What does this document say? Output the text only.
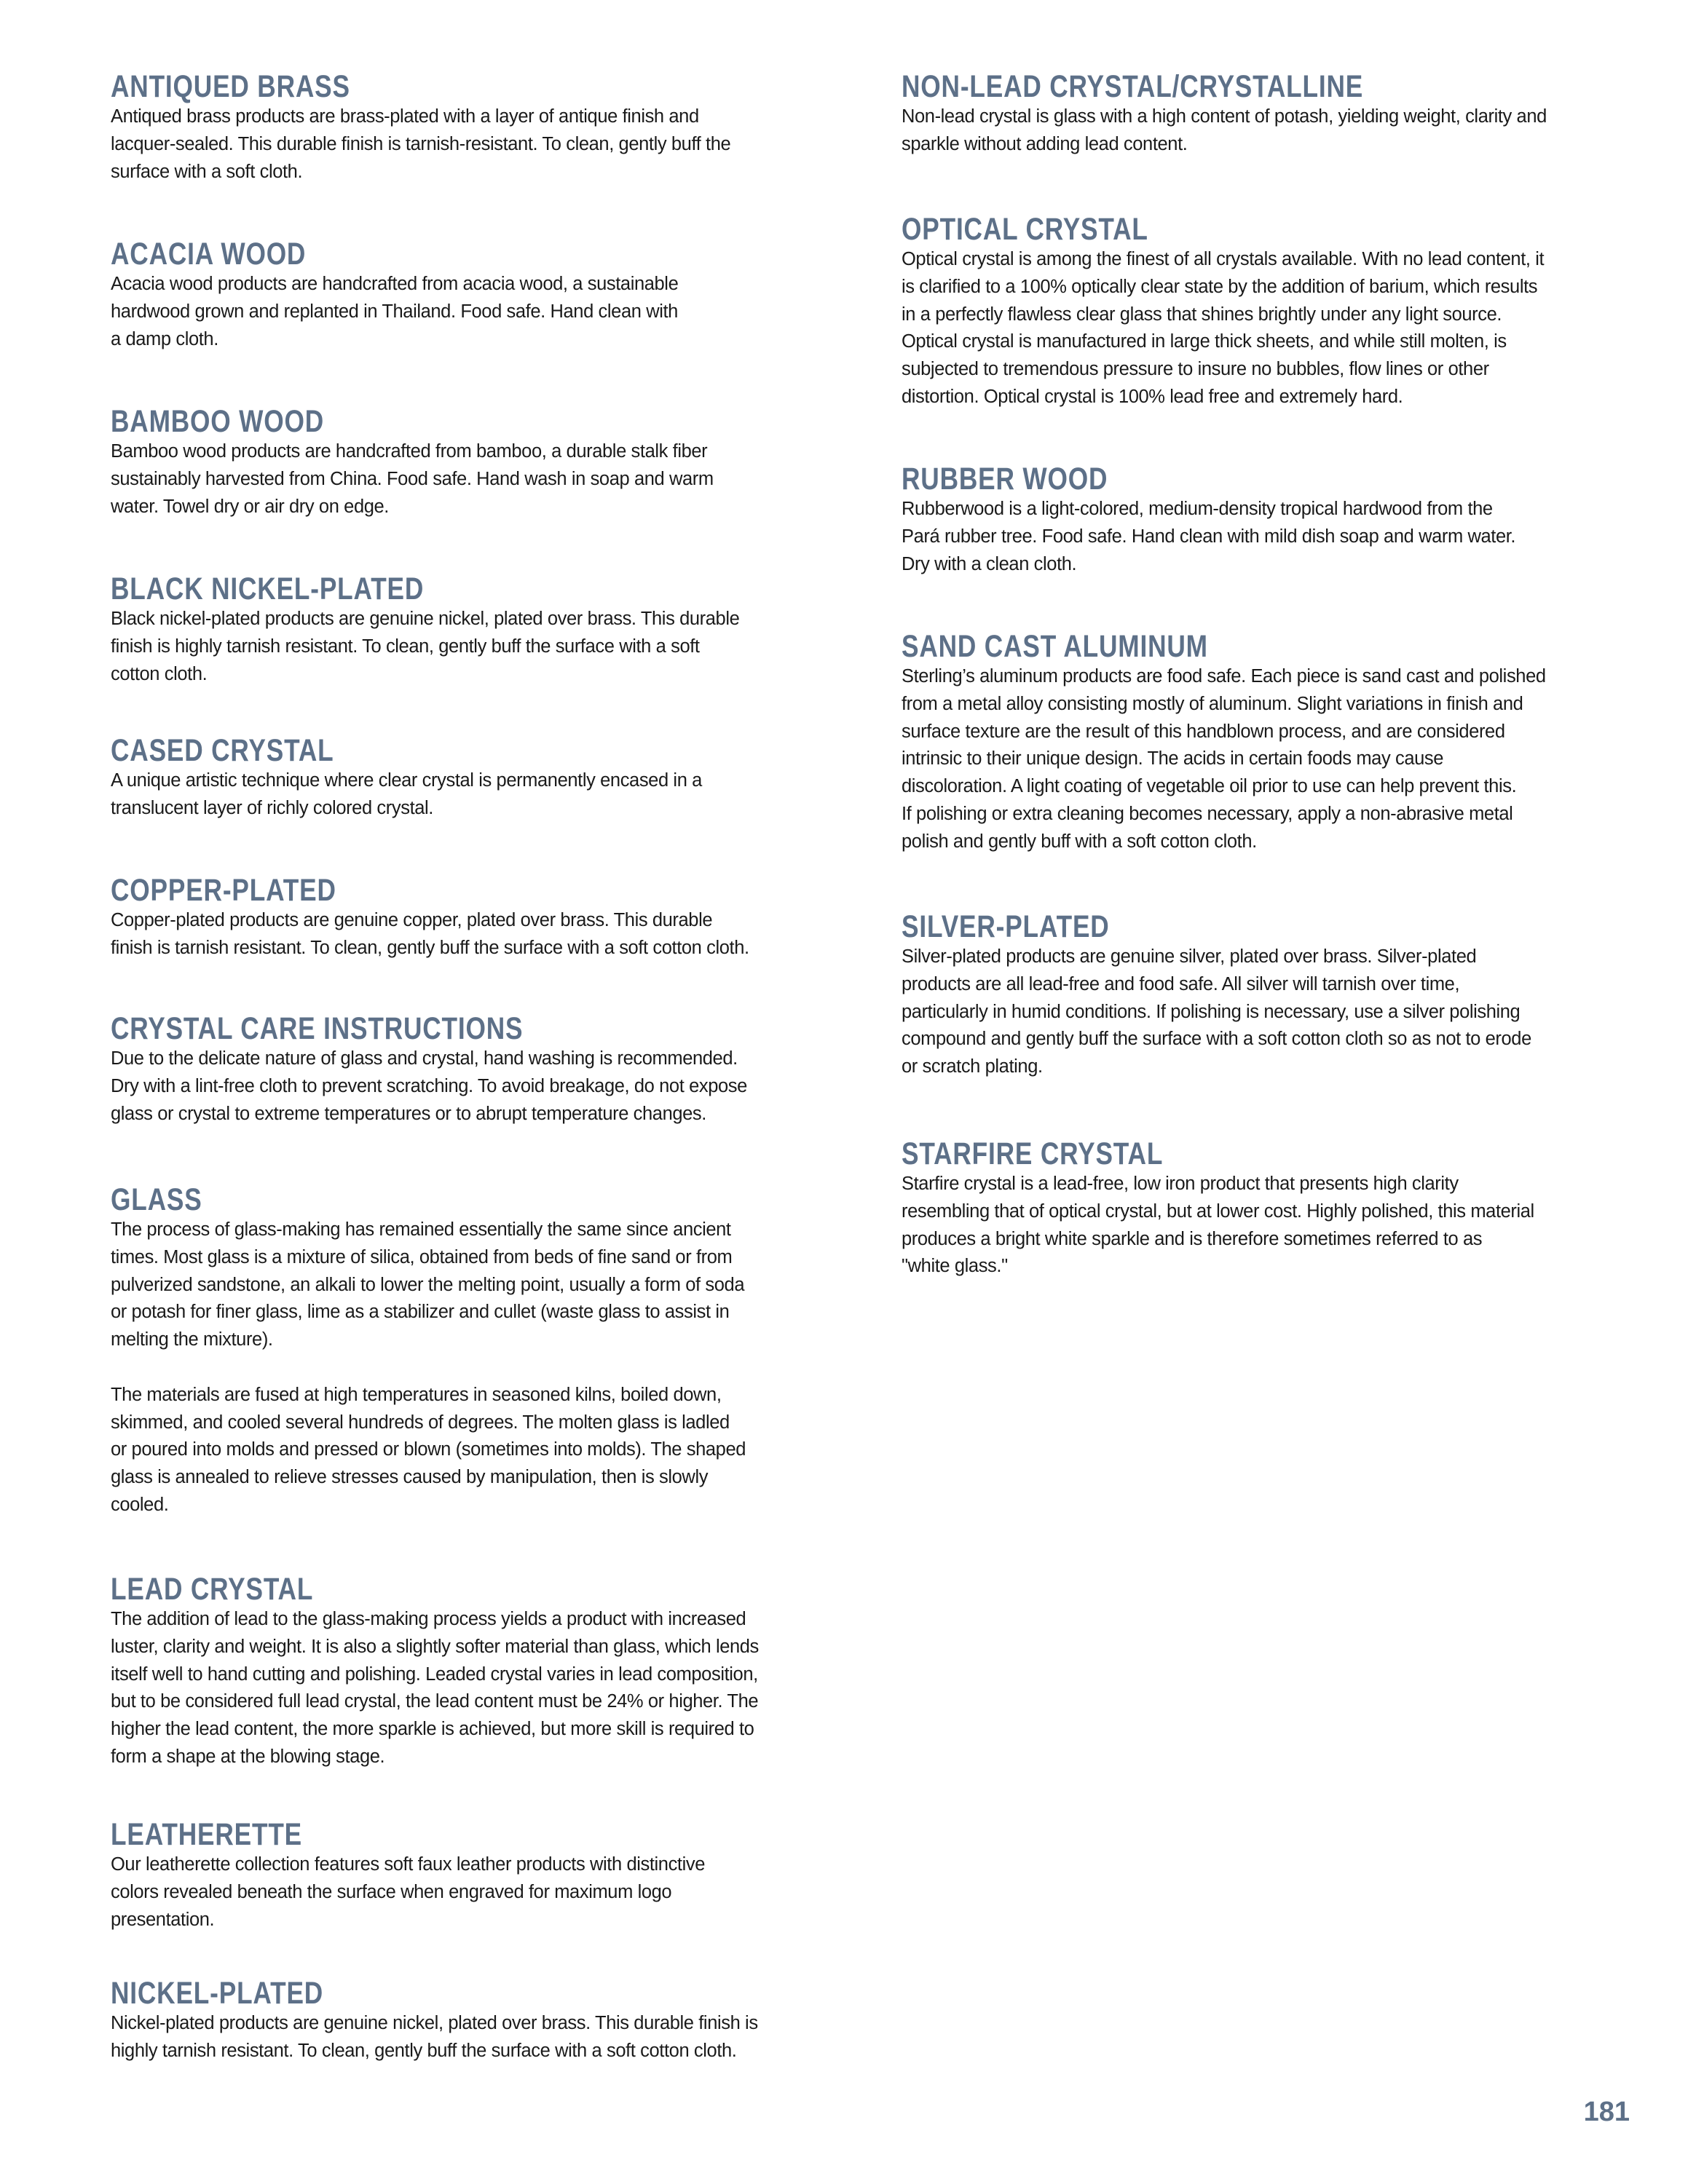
ANTIQUED BRASS
Antiqued brass products are brass-plated with a layer of antique finish and
lacquer-sealed. This durable finish is tarnish-resistant. To clean, gently buff the
surface with a soft cloth.
ACACIA WOOD
Acacia wood products are handcrafted from acacia wood, a sustainable
hardwood grown and replanted in Thailand. Food safe. Hand clean with
a damp cloth.
BAMBOO WOOD
Bamboo wood products are handcrafted from bamboo, a durable stalk fiber
sustainably harvested from China. Food safe. Hand wash in soap and warm
water. Towel dry or air dry on edge.
BLACK NICKEL-PLATED
Black nickel-plated products are genuine nickel, plated over brass. This durable
finish is highly tarnish resistant. To clean, gently buff the surface with a soft
cotton cloth.
CASED CRYSTAL
A unique artistic technique where clear crystal is permanently encased in a
translucent layer of richly colored crystal.
COPPER-PLATED
Copper-plated products are genuine copper, plated over brass. This durable
finish is tarnish resistant. To clean, gently buff the surface with a soft cotton cloth.
CRYSTAL CARE INSTRUCTIONS
Due to the delicate nature of glass and crystal, hand washing is recommended.
Dry with a lint-free cloth to prevent scratching. To avoid breakage, do not expose
glass or crystal to extreme temperatures or to abrupt temperature changes.
GLASS
The process of glass-making has remained essentially the same since ancient
times. Most glass is a mixture of silica, obtained from beds of fine sand or from
pulverized sandstone, an alkali to lower the melting point, usually a form of soda
or potash for finer glass, lime as a stabilizer and cullet (waste glass to assist in
melting the mixture).
The materials are fused at high temperatures in seasoned kilns, boiled down,
skimmed, and cooled several hundreds of degrees. The molten glass is ladled
or poured into molds and pressed or blown (sometimes into molds). The shaped
glass is annealed to relieve stresses caused by manipulation, then is slowly
cooled.
LEAD CRYSTAL
The addition of lead to the glass-making process yields a product with increased
luster, clarity and weight. It is also a slightly softer material than glass, which lends
itself well to hand cutting and polishing. Leaded crystal varies in lead composition,
but to be considered full lead crystal, the lead content must be 24% or higher. The
higher the lead content, the more sparkle is achieved, but more skill is required to
form a shape at the blowing stage.
LEATHERETTE
Our leatherette collection features soft faux leather products with distinctive
colors revealed beneath the surface when engraved for maximum logo
presentation.
NICKEL-PLATED
Nickel-plated products are genuine nickel, plated over brass. This durable finish is
highly tarnish resistant. To clean, gently buff the surface with a soft cotton cloth.
NON-LEAD CRYSTAL/CRYSTALLINE
Non-lead crystal is glass with a high content of potash, yielding weight, clarity and
sparkle without adding lead content.
OPTICAL CRYSTAL
Optical crystal is among the finest of all crystals available. With no lead content, it
is clarified to a 100% optically clear state by the addition of barium, which results
in a perfectly flawless clear glass that shines brightly under any light source.
Optical crystal is manufactured in large thick sheets, and while still molten, is
subjected to tremendous pressure to insure no bubbles, flow lines or other
distortion. Optical crystal is 100% lead free and extremely hard.
RUBBER WOOD
Rubberwood is a light-colored, medium-density tropical hardwood from the
Pará rubber tree. Food safe. Hand clean with mild dish soap and warm water.
Dry with a clean cloth.
SAND CAST ALUMINUM
Sterling’s aluminum products are food safe. Each piece is sand cast and polished
from a metal alloy consisting mostly of aluminum. Slight variations in finish and
surface texture are the result of this handblown process, and are considered
intrinsic to their unique design. The acids in certain foods may cause
discoloration. A light coating of vegetable oil prior to use can help prevent this.
If polishing or extra cleaning becomes necessary, apply a non-abrasive metal
polish and gently buff with a soft cotton cloth.
SILVER-PLATED
Silver-plated products are genuine silver, plated over brass. Silver-plated
products are all lead-free and food safe. All silver will tarnish over time,
particularly in humid conditions. If polishing is necessary, use a silver polishing
compound and gently buff the surface with a soft cotton cloth so as not to erode
or scratch plating.
STARFIRE CRYSTAL
Starfire crystal is a lead-free, low iron product that presents high clarity
resembling that of optical crystal, but at lower cost. Highly polished, this material
produces a bright white sparkle and is therefore sometimes referred to as
"white glass."
181
